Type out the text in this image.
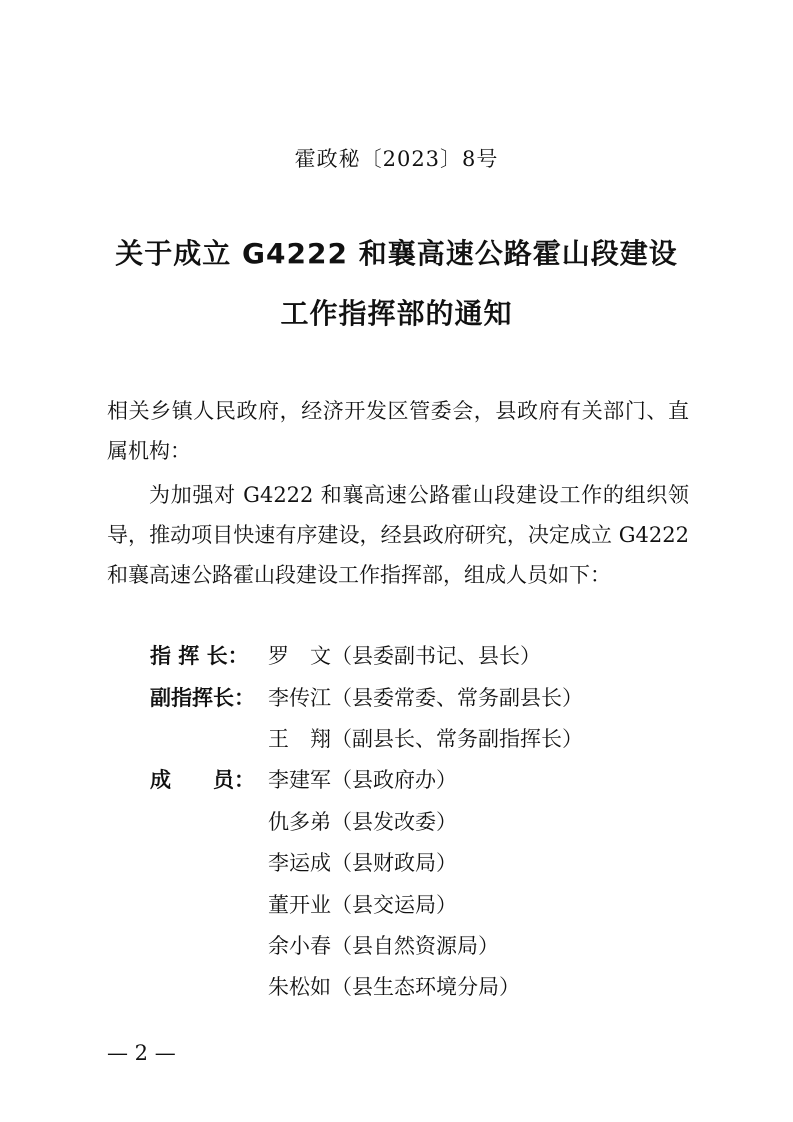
霍政秘〔2023〕8号
关于成立 G4222 和襄高速公路霍山段建设
工作指挥部的通知
相关乡镇人民政府，经济开发区管委会，县政府有关部门、直属机构：
为加强对 G4222 和襄高速公路霍山段建设工作的组织领导，推动项目快速有序建设，经县政府研究，决定成立 G4222 和襄高速公路霍山段建设工作指挥部，组成人员如下：
指 挥 长： 罗　文（县委副书记、县长）
副指挥长： 李传江（县委常委、常务副县长）
王　翔（副县长、常务副指挥长）
成　　员： 李建军（县政府办）
仇多弟（县发改委）
李运成（县财政局）
董开业（县交运局）
余小春（县自然资源局）
朱松如（县生态环境分局）
— 2 —
